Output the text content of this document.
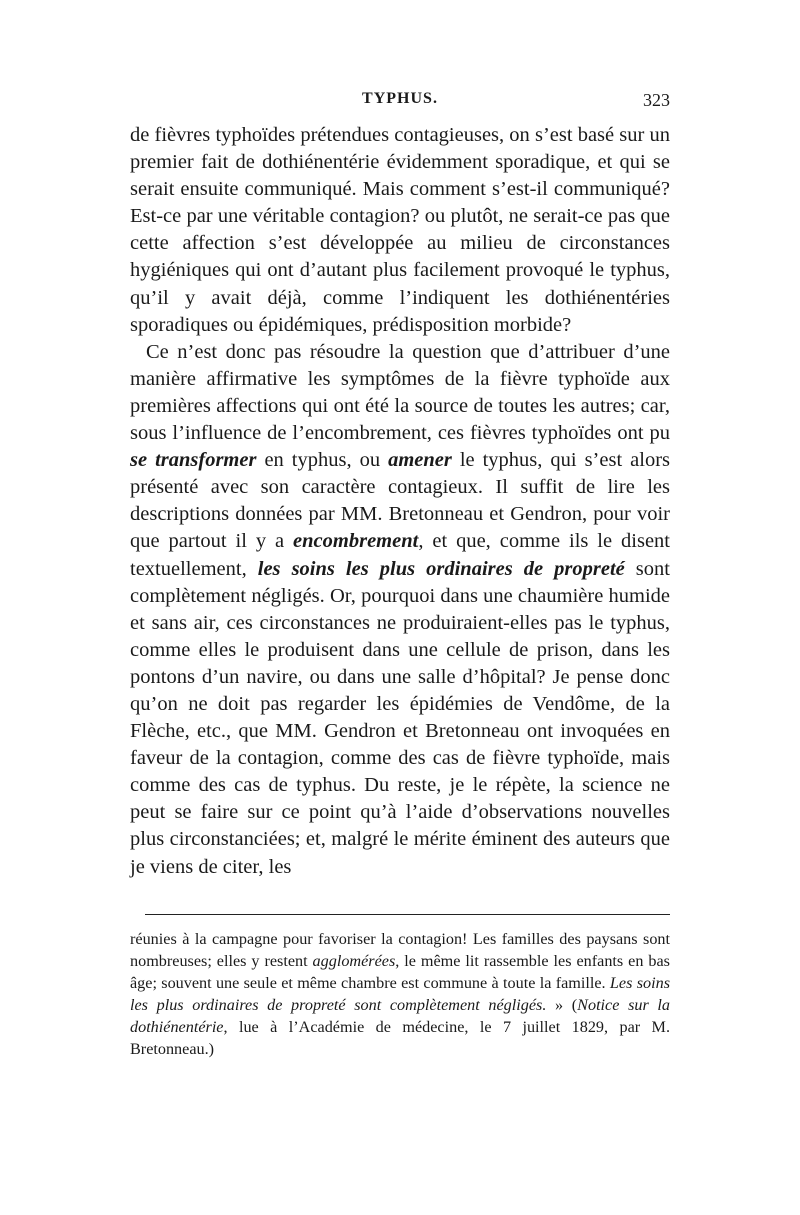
TYPHUS.	323

de fièvres typhoïdes prétendues contagieuses, on s’est basé sur un premier fait de dothiénentérie évidemment sporadique, et qui se serait ensuite communiqué. Mais comment s’est-il communiqué? Est-ce par une véritable contagion? ou plutôt, ne serait-ce pas que cette affection s’est développée au milieu de circonstances hygiéniques qui ont d’autant plus facilement provoqué le typhus, qu’il y avait déjà, comme l’indiquent les dothiénentéries sporadiques ou épidémiques, prédisposition morbide?

Ce n’est donc pas résoudre la question que d’attribuer d’une manière affirmative les symptômes de la fièvre typhoïde aux premières affections qui ont été la source de toutes les autres; car, sous l’influence de l’encombrement, ces fièvres typhoïdes ont pu se transformer en typhus, ou amener le typhus, qui s’est alors présenté avec son caractère contagieux. Il suffit de lire les descriptions données par MM. Bretonneau et Gendron, pour voir que partout il y a encombrement, et que, comme ils le disent textuellement, les soins les plus ordinaires de propreté sont complètement négligés. Or, pourquoi dans une chaumière humide et sans air, ces circonstances ne produiraient-elles pas le typhus, comme elles le produisent dans une cellule de prison, dans les pontons d’un navire, ou dans une salle d’hôpital? Je pense donc qu’on ne doit pas regarder les épidémies de Vendôme, de la Flèche, etc., que MM. Gendron et Bretonneau ont invoquées en faveur de la contagion, comme des cas de fièvre typhoïde, mais comme des cas de typhus. Du reste, je le répète, la science ne peut se faire sur ce point qu’à l’aide d’observations nouvelles plus circonstanciées; et, malgré le mérite éminent des auteurs que je viens de citer, les

réunies à la campagne pour favoriser la contagion! Les familles des paysans sont nombreuses; elles y restent agglomérées, le même lit rassemble les enfants en bas âge; souvent une seule et même chambre est commune à toute la famille. Les soins les plus ordinaires de propreté sont complètement négligés. » (Notice sur la dothiénentérie, lue à l’Académie de médecine, le 7 juillet 1829, par M. Bretonneau.)
